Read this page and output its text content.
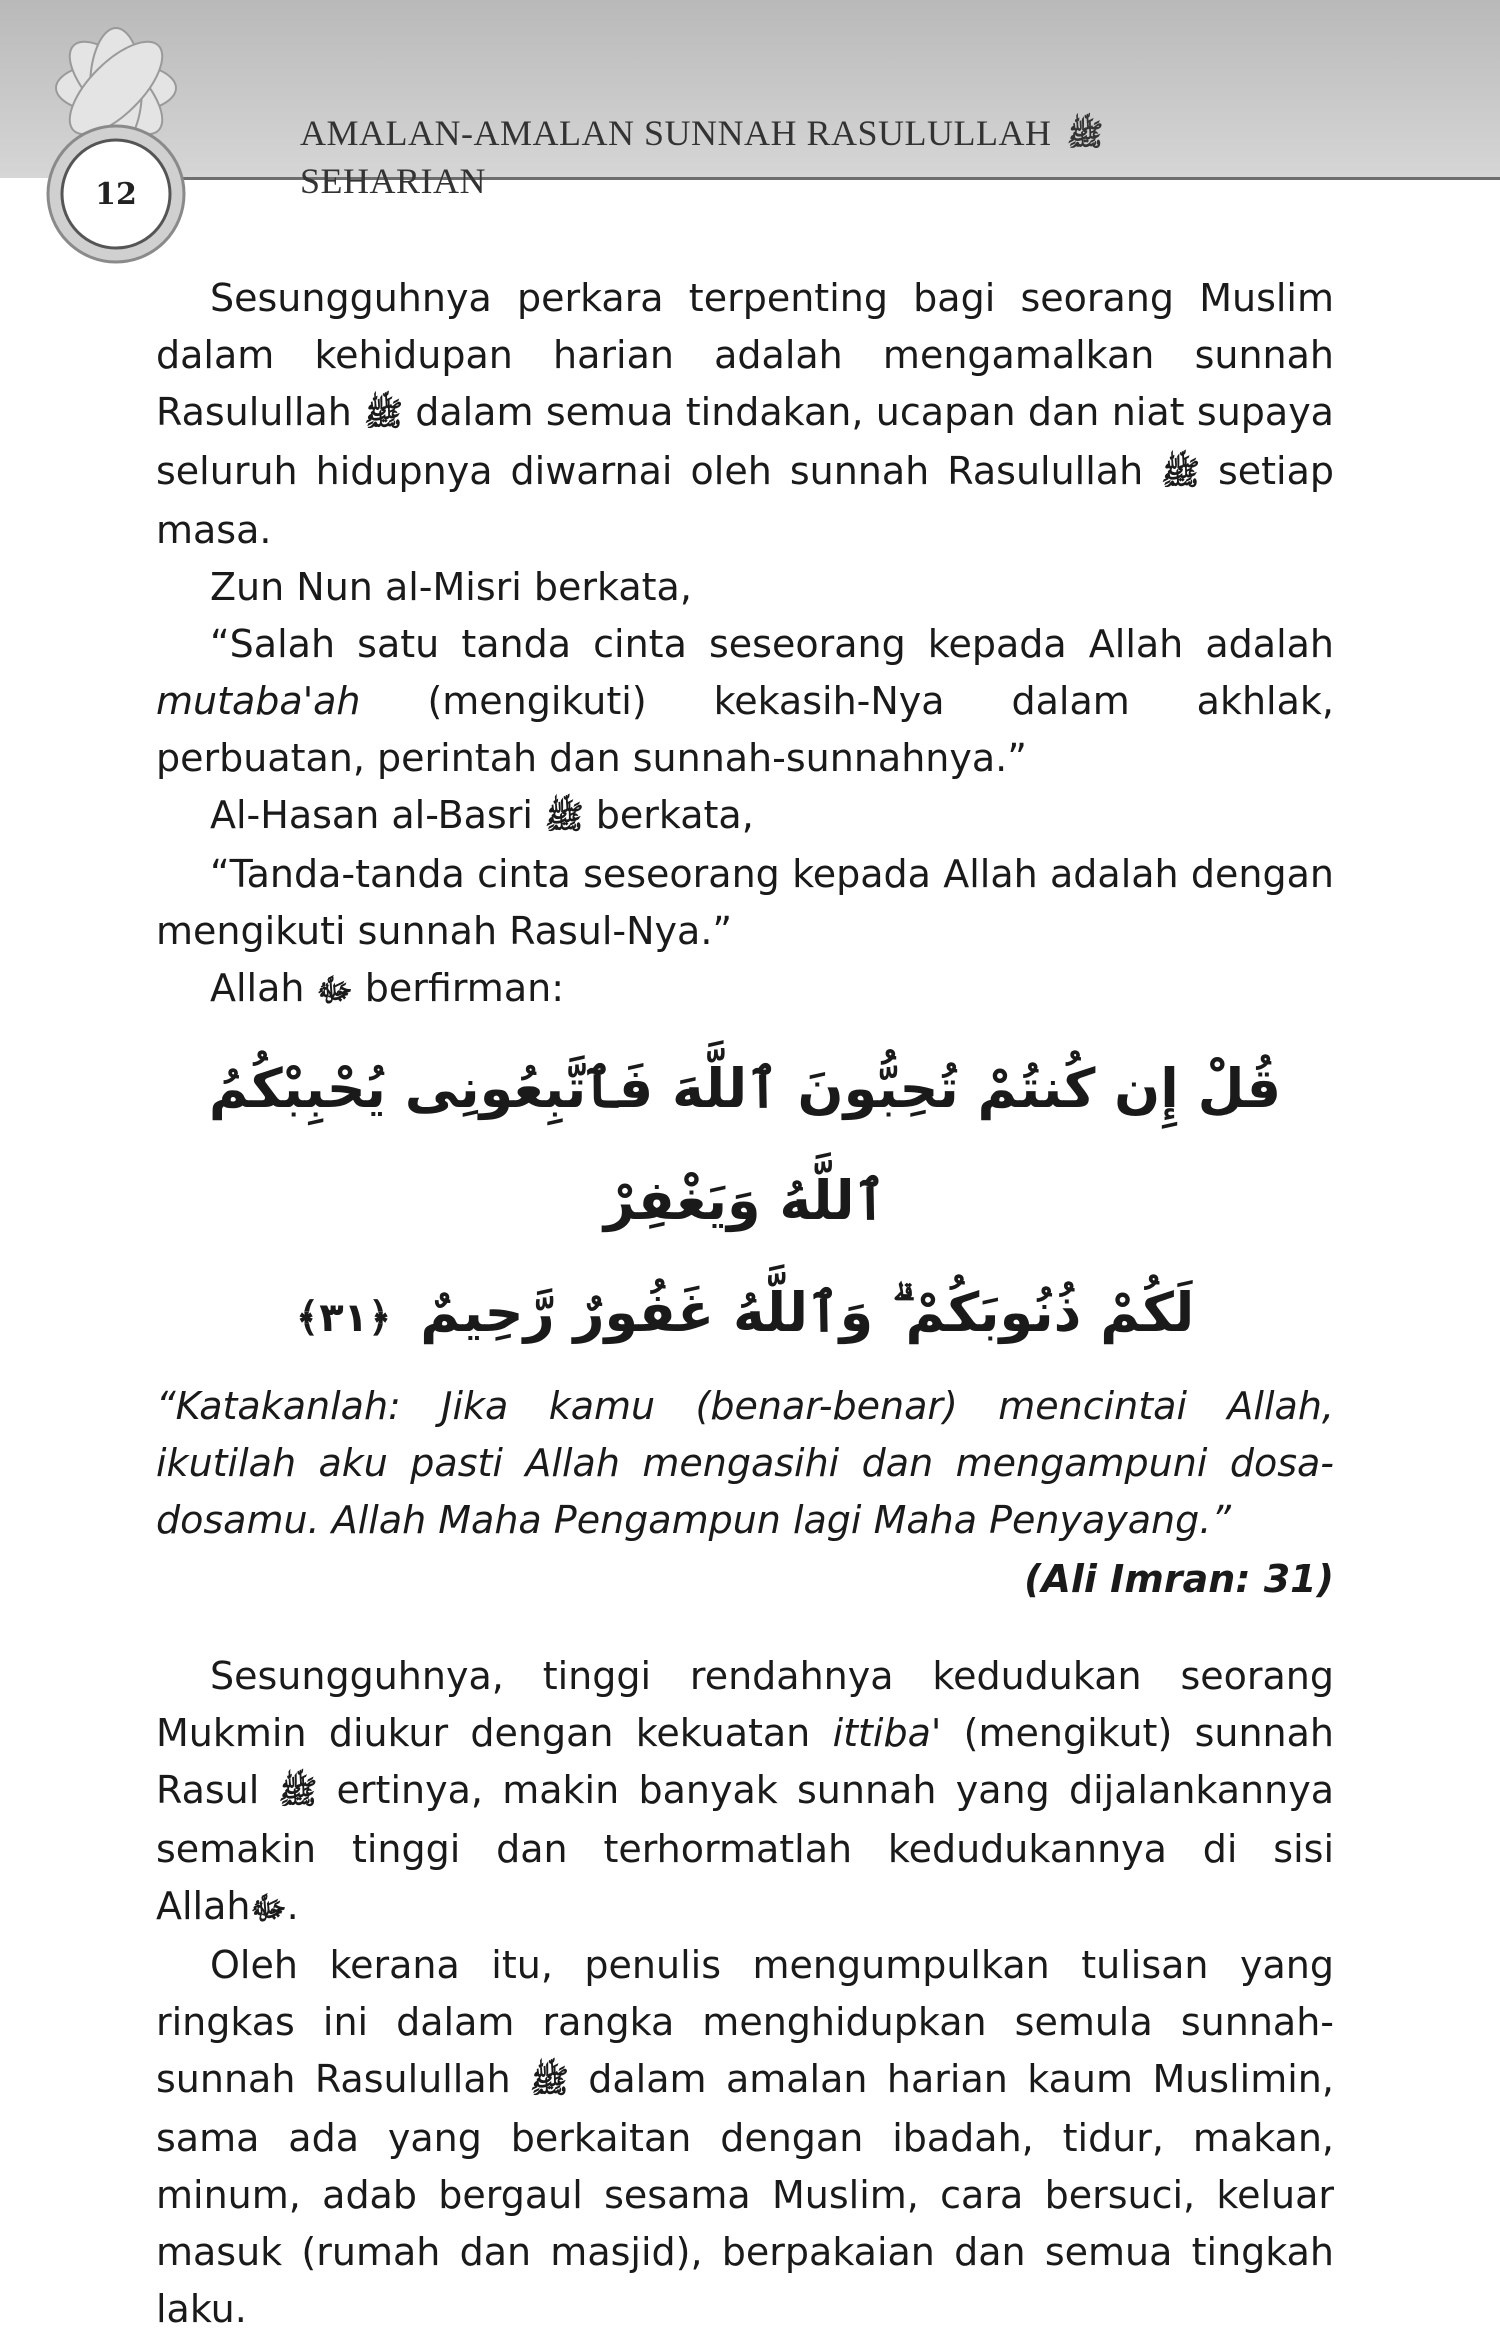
12
AMALAN-AMALAN SUNNAH RASULULLAH ﷺ SEHARIAN

Sesungguhnya perkara terpenting bagi seorang Muslim dalam kehidupan harian adalah mengamalkan sunnah Rasulullah ﷺ dalam semua tindakan, ucapan dan niat supaya seluruh hidupnya diwarnai oleh sunnah Rasulullah ﷺ setiap masa.

Zun Nun al-Misri berkata,

“Salah satu tanda cinta seseorang kepada Allah adalah mutaba'ah (mengikuti) kekasih-Nya dalam akhlak, perbuatan, perintah dan sunnah-sunnahnya.”

Al-Hasan al-Basri ﷺ berkata,

“Tanda-tanda cinta seseorang kepada Allah adalah dengan mengikuti sunnah Rasul-Nya.”

Allah ﷻ berfirman:

قُلْ إِن كُنتُمْ تُحِبُّونَ ٱللَّهَ فَٱتَّبِعُونِى يُحْبِبْكُمُ ٱللَّهُ وَيَغْفِرْ
لَكُمْ ذُنُوبَكُمْ ۗ وَٱللَّهُ غَفُورٌ رَّحِيمٌ ﴿٣١﴾

“Katakanlah: Jika kamu (benar-benar) mencintai Allah, ikutilah aku pasti Allah mengasihi dan mengampuni dosa-dosamu. Allah Maha Pengampun lagi Maha Penyayang.”

(Ali Imran: 31)

Sesungguhnya, tinggi rendahnya kedudukan seorang Mukmin diukur dengan kekuatan ittiba' (mengikut) sunnah Rasul ﷺ ertinya, makin banyak sunnah yang dijalankannya semakin tinggi dan terhormatlah kedudukannya di sisi Allahﷻ.

Oleh kerana itu, penulis mengumpulkan tulisan yang ringkas ini dalam rangka menghidupkan semula sunnah-sunnah Rasulullah ﷺ dalam amalan harian kaum Muslimin, sama ada yang berkaitan dengan ibadah, tidur, makan, minum, adab bergaul sesama Muslim, cara bersuci, keluar masuk (rumah dan masjid), berpakaian dan semua tingkah laku.
